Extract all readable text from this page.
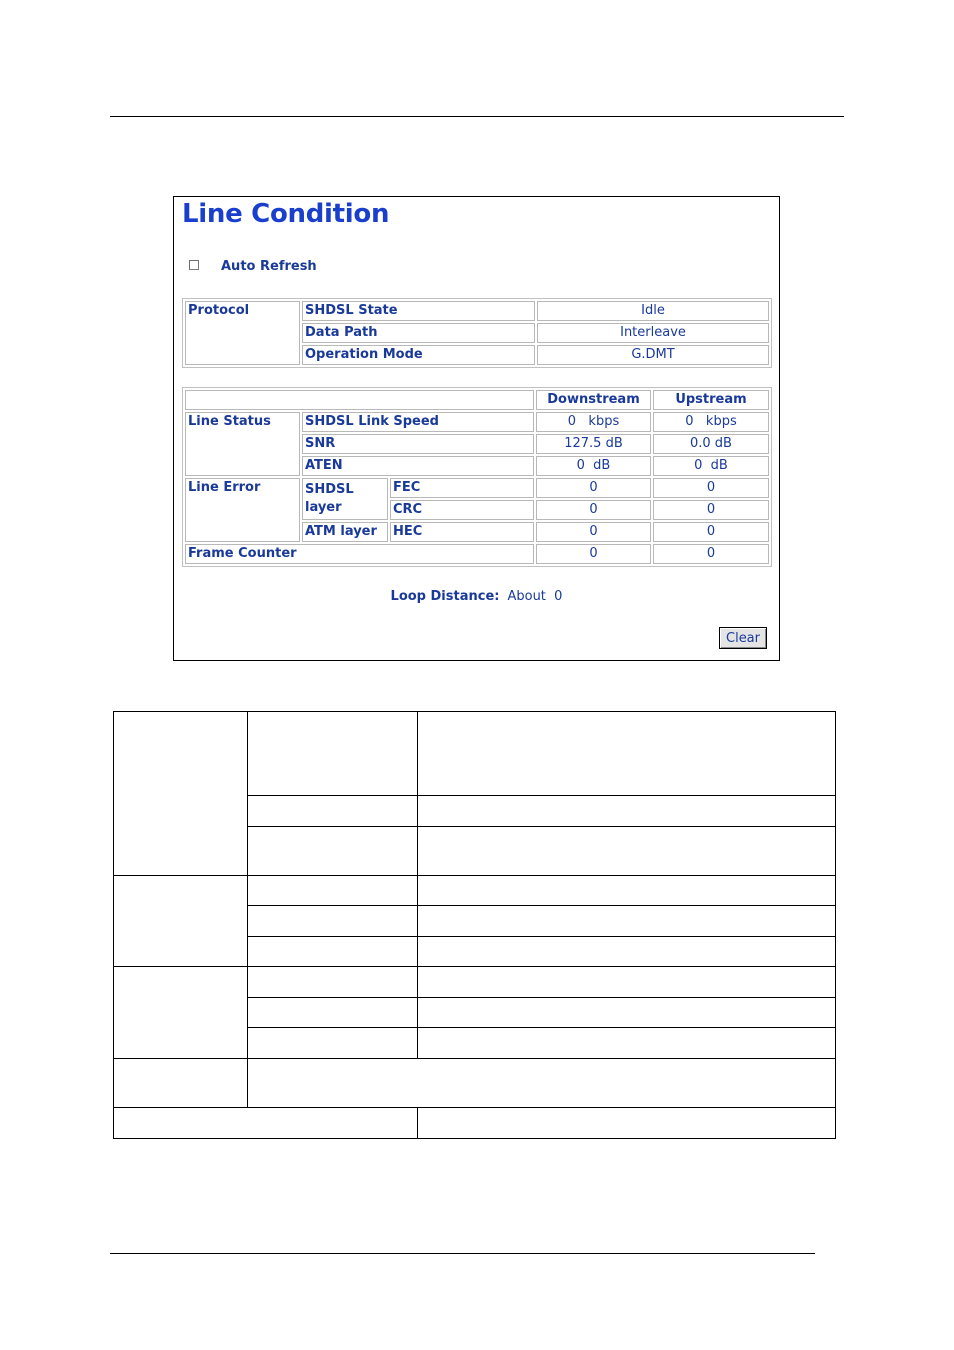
Line Condition
Auto Refresh
Protocol	SHDSL State	Idle
	Data Path	Interleave
	Operation Mode	G.DMT
			Downstream	Upstream
Line Status	SHDSL Link Speed		0   kbps	0   kbps
	SNR		127.5 dB	0.0 dB
	ATEN		0  dB	0  dB
Line Error	SHDSL layer	FEC	0	0
		CRC	0	0
	ATM layer	HEC	0	0
Frame Counter			0	0
Loop Distance: About  0
Clear
